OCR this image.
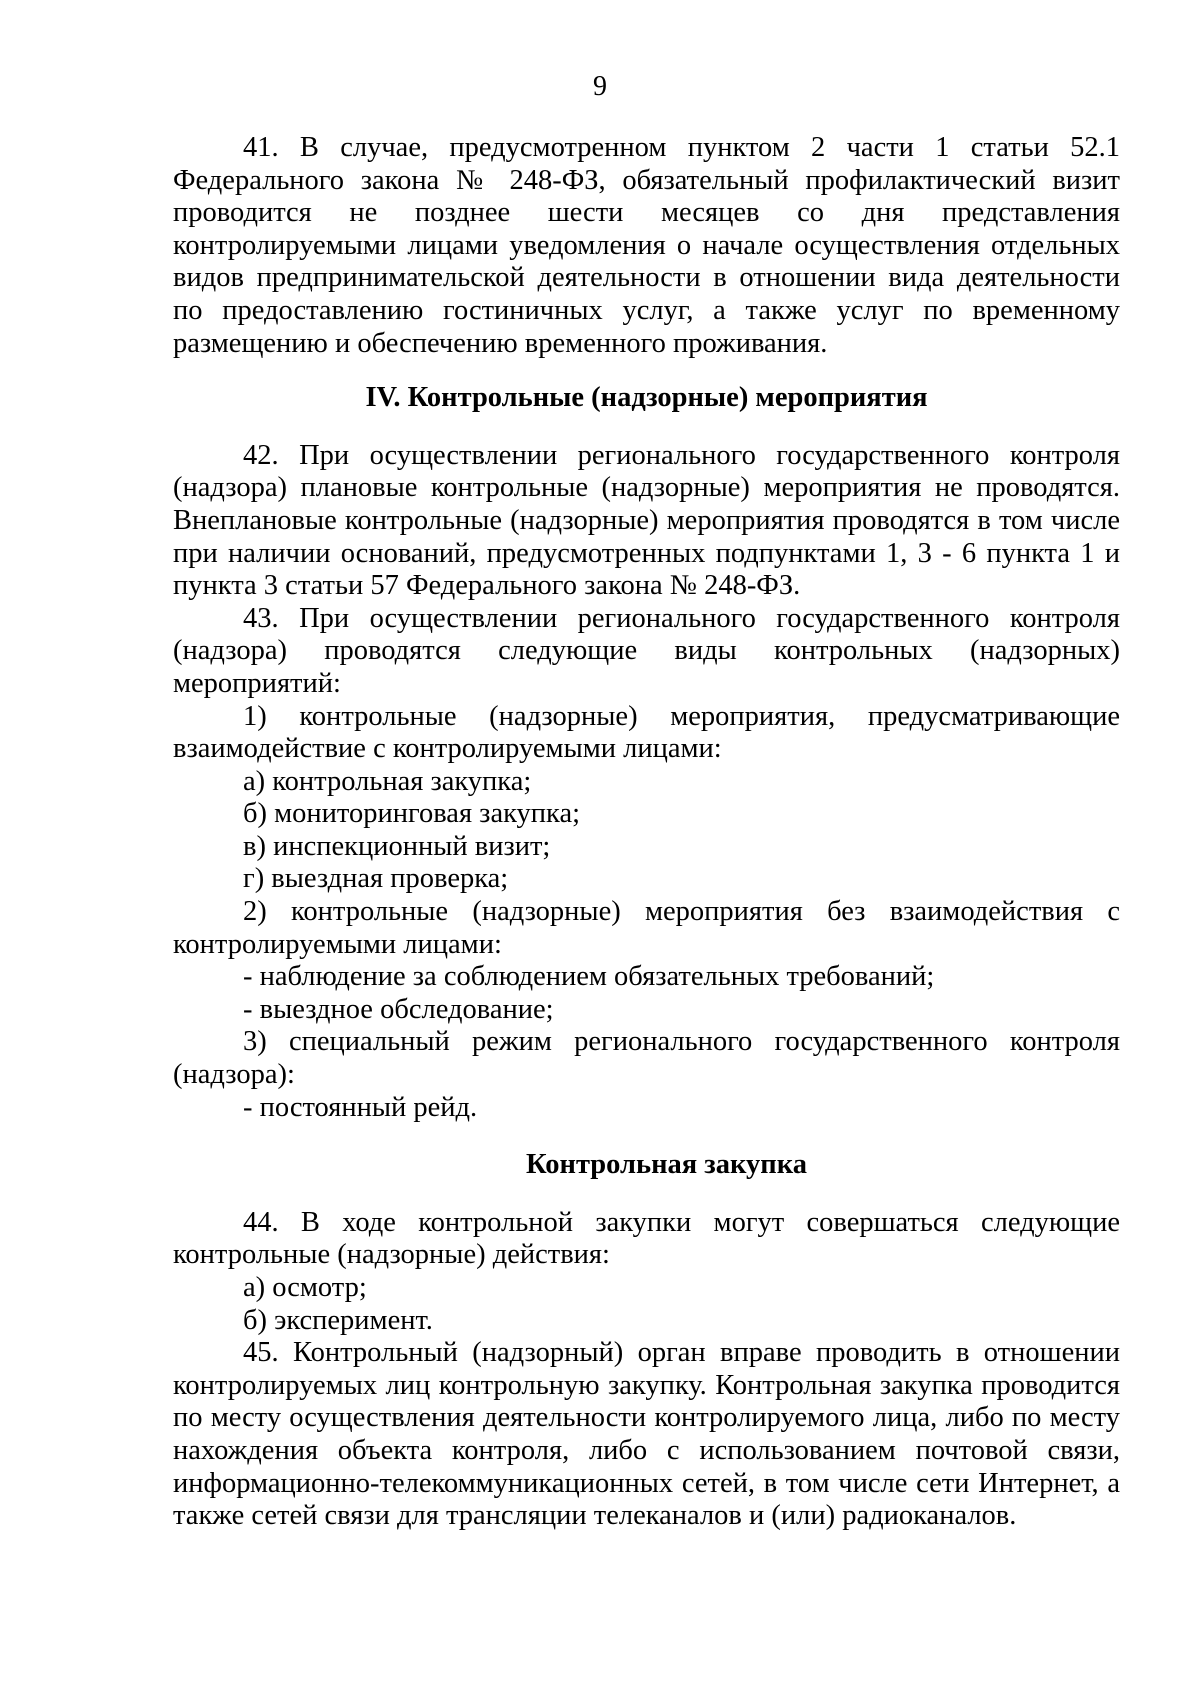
9

41. В случае, предусмотренном пунктом 2 части 1 статьи 52.1 Федерального закона № 248-ФЗ, обязательный профилактический визит проводится не позднее шести месяцев со дня представления контролируемыми лицами уведомления о начале осуществления отдельных видов предпринимательской деятельности в отношении вида деятельности по предоставлению гостиничных услуг, а также услуг по временному размещению и обеспечению временного проживания.

IV. Контрольные (надзорные) мероприятия

42. При осуществлении регионального государственного контроля (надзора) плановые контрольные (надзорные) мероприятия не проводятся. Внеплановые контрольные (надзорные) мероприятия проводятся в том числе при наличии оснований, предусмотренных подпунктами 1, 3 - 6 пункта 1 и пункта 3 статьи 57 Федерального закона № 248-ФЗ.

43. При осуществлении регионального государственного контроля (надзора) проводятся следующие виды контрольных (надзорных) мероприятий:

1) контрольные (надзорные) мероприятия, предусматривающие взаимодействие с контролируемыми лицами:

а) контрольная закупка;

б) мониторинговая закупка;

в) инспекционный визит;

г) выездная проверка;

2) контрольные (надзорные) мероприятия без взаимодействия с контролируемыми лицами:

- наблюдение за соблюдением обязательных требований;

- выездное обследование;

3) специальный режим регионального государственного контроля (надзора):

- постоянный рейд.

Контрольная закупка

44. В ходе контрольной закупки могут совершаться следующие контрольные (надзорные) действия:

а) осмотр;

б) эксперимент.

45. Контрольный (надзорный) орган вправе проводить в отношении контролируемых лиц контрольную закупку. Контрольная закупка проводится по месту осуществления деятельности контролируемого лица, либо по месту нахождения объекта контроля, либо с использованием почтовой связи, информационно-телекоммуникационных сетей, в том числе сети Интернет, а также сетей связи для трансляции телеканалов и (или) радиоканалов.
